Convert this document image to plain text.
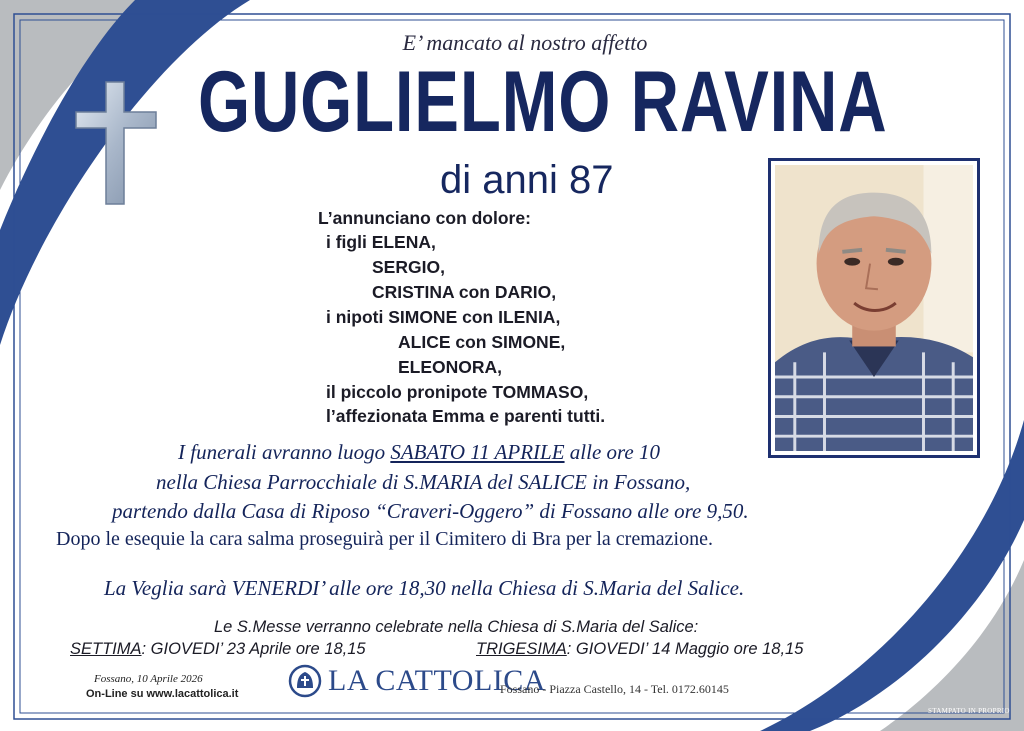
E’ mancato al nostro affetto
GUGLIELMO RAVINA
di anni 87
L’annunciano con dolore:
i figli ELENA,
SERGIO,
CRISTINA con DARIO,
i nipoti SIMONE con ILENIA,
ALICE con SIMONE,
ELEONORA,
il piccolo pronipote TOMMASO,
l’affezionata Emma e parenti tutti.
I funerali avranno luogo SABATO 11 APRILE alle ore 10
nella Chiesa Parrocchiale di S.MARIA del SALICE in Fossano,
partendo dalla Casa di Riposo “Craveri-Oggero” di Fossano alle ore 9,50.
Dopo le esequie la cara salma proseguirà per il Cimitero di Bra per la cremazione.
La Veglia sarà VENERDI’ alle ore 18,30 nella Chiesa di S.Maria del Salice.
Le S.Messe verranno celebrate nella Chiesa di S.Maria del Salice:
SETTIMA: GIOVEDI’ 23 Aprile ore 18,15	TRIGESIMA: GIOVEDI’ 14 Maggio ore 18,15
Fossano, 10 Aprile 2026
On-Line su www.lacattolica.it	LA CATTOLICA
Fossano - Piazza Castello, 14 - Tel. 0172.60145
STAMPATO IN PROPRIO
